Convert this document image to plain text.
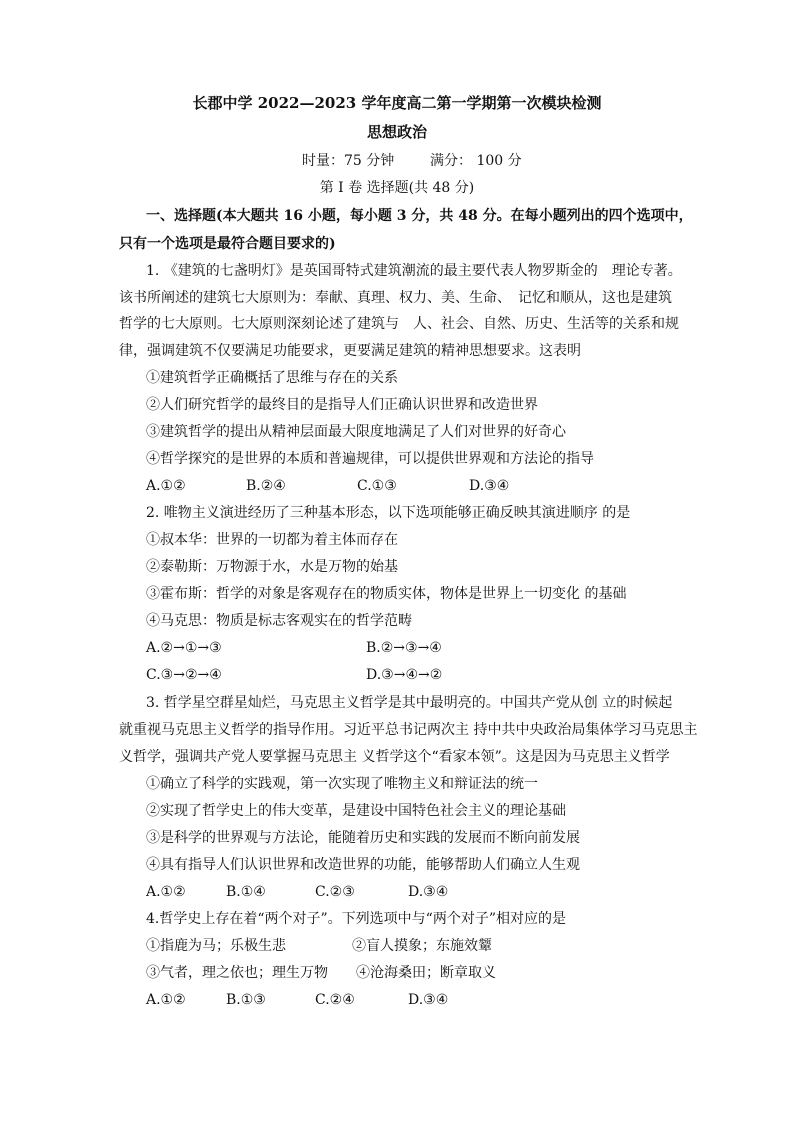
长郡中学 2022—2023 学年度高二第一学期第一次模块检测
思想政治
时量：75 分钟	满分： 100 分
第 I 卷 选择题(共 48 分)
一、选择题(本大题共 16 小题，每小题 3 分，共 48 分。在每小题列出的四个选项中，
只有一个选项是最符合题目要求的)
1. 《建筑的七盏明灯》是英国哥特式建筑潮流的最主要代表人物罗斯金的　理论专著。
该书所阐述的建筑七大原则为：奉献、真理、权力、美、生命、　记忆和顺从，这也是建筑
哲学的七大原则。七大原则深刻论述了建筑与　人、社会、自然、历史、生活等的关系和规
律，强调建筑不仅要满足功能要求，更要满足建筑的精神思想要求。这表明
①建筑哲学正确概括了思维与存在的关系
②人们研究哲学的最终目的是指导人们正确认识世界和改造世界
③建筑哲学的提出从精神层面最大限度地满足了人们对世界的好奇心
④哲学探究的是世界的本质和普遍规律，可以提供世界观和方法论的指导
A.①②	B.②④	C.①③	D.③④
2. 唯物主义演进经历了三种基本形态，以下选项能够正确反映其演进顺序 的是
①叔本华：世界的一切都为着主体而存在
②泰勒斯：万物源于水，水是万物的始基
③霍布斯：哲学的对象是客观存在的物质实体，物体是世界上一切变化 的基础
④马克思：物质是标志客观实在的哲学范畴
A.②→①→③	B.②→③→④
C.③→②→④	D.③→④→②
3. 哲学星空群星灿烂，马克思主义哲学是其中最明亮的。中国共产党从创 立的时候起
就重视马克思主义哲学的指导作用。习近平总书记两次主 持中共中央政治局集体学习马克思主
义哲学，强调共产党人要掌握马克思主 义哲学这个“看家本领”。这是因为马克思主义哲学
①确立了科学的实践观，第一次实现了唯物主义和辩证法的统一
②实现了哲学史上的伟大变革，是建设中国特色社会主义的理论基础
③是科学的世界观与方法论，能随着历史和实践的发展而不断向前发展
④具有指导人们认识世界和改造世界的功能，能够帮助人们确立人生观
A.①②	B.①④	C.②③	D.③④
4.哲学史上存在着“两个对子”。下列选项中与“两个对子”相对应的是
①指鹿为马；乐极生悲	②盲人摸象；东施效颦
③气者，理之依也；理生万物 ④沧海桑田；断章取义
A.①②	B.①③	C.②④	D.③④
